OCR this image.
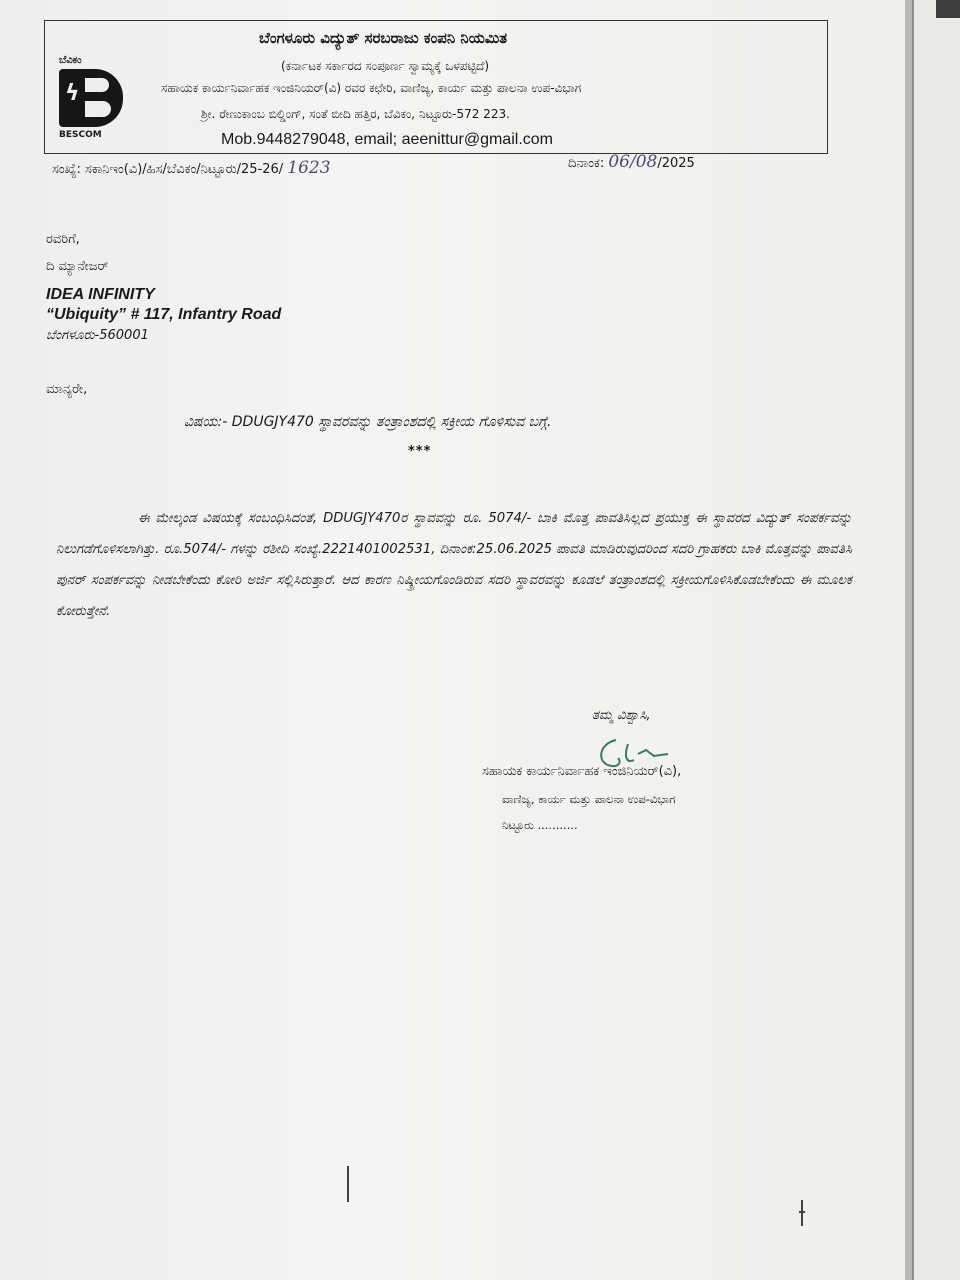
ಬೆವಿಕಂ
ϟ
BESCOM
ಬೆಂಗಳೂರು ವಿದ್ಯುತ್ ಸರಬರಾಜು ಕಂಪನಿ ನಿಯಮಿತ
(ಕರ್ನಾಟಕ ಸರ್ಕಾರದ ಸಂಪೂರ್ಣ ಸ್ವಾಮ್ಯಕ್ಕೆ ಒಳಪಟ್ಟಿದೆ)
ಸಹಾಯಕ ಕಾರ್ಯನಿರ್ವಾಹಕ ಇಂಜಿನಿಯರ್(ವಿ) ರವರ ಕಛೇರಿ, ವಾಣಿಜ್ಯ, ಕಾರ್ಯ ಮತ್ತು ಪಾಲನಾ ಉಪ-ವಿಭಾಗ
ಶ್ರೀ. ರೇಣುಕಾಂಬ ಬಿಲ್ಡಿಂಗ್, ಸಂತೆ ಬೀದಿ ಹತ್ತಿರ, ಬೆವಿಕಂ, ನಿಟ್ಟೂರು-572 223.
Mob.9448279048, email; aeenittur@gmail.com
ಸಂಖ್ಯೆ: ಸಕಾನಿಇಂ(ವಿ)/ಹಿಸ/ಬೆವಿಕಂ/ನಿಟ್ಟೂರು/25-26/ 1623	ದಿನಾಂಕ: 06/08/2025
ರವರಿಗೆ,
ದಿ ಮ್ಯಾನೇಜರ್
IDEA INFINITY
“Ubiquity” # 117, Infantry Road
ಬೆಂಗಳೂರು-560001
ಮಾನ್ಯರೇ,
ವಿಷಯ:- DDUGJY470 ಸ್ಥಾವರವನ್ನು ತಂತ್ರಾಂಶದಲ್ಲಿ ಸಕ್ರೀಯ ಗೊಳಿಸುವ ಬಗ್ಗೆ.
***
ಈ ಮೇಲ್ಕಂಡ ವಿಷಯಕ್ಕೆ ಸಂಬಂಧಿಸಿದಂತೆ, DDUGJY470ರ ಸ್ಥಾವವನ್ನು ರೂ. 5074/- ಬಾಕಿ ಮೊತ್ತ ಪಾವತಿಸಿಲ್ಲದ ಪ್ರಯುಕ್ತ ಈ ಸ್ಥಾವರದ ವಿದ್ಯುತ್ ಸಂಪರ್ಕವನ್ನು ನಿಲುಗಡೆಗೊಳಿಸಲಾಗಿತ್ತು. ರೂ.5074/- ಗಳನ್ನು ರಶೀದಿ ಸಂಖ್ಯೆ.2221401002531, ದಿನಾಂಕ:25.06.2025 ಪಾವತಿ ಮಾಡಿರುವುದರಿಂದ ಸದರಿ ಗ್ರಾಹಕರು ಬಾಕಿ ಮೊತ್ತವನ್ನು ಪಾವತಿಸಿ ಪುನರ್ ಸಂಪರ್ಕವನ್ನು ನೀಡಬೇಕೆಂದು ಕೋರಿ ಅರ್ಜಿ ಸಲ್ಲಿಸಿರುತ್ತಾರೆ. ಆದ ಕಾರಣ ನಿಷ್ಕ್ರೀಯಗೊಂಡಿರುವ ಸದರಿ ಸ್ಥಾವರವನ್ನು ಕೂಡಲೆ ತಂತ್ರಾಂಶದಲ್ಲಿ ಸಕ್ರೀಯಗೊಳಿಸಿಕೊಡಬೇಕೆಂದು ಈ ಮೂಲಕ ಕೋರುತ್ತೇನೆ.
ತಮ್ಮ ವಿಶ್ವಾಸಿ,
ಸಹಾಯಕ ಕಾರ್ಯನಿರ್ವಾಹಕ ಇಂಜಿನಿಯರ್(ವಿ),
ವಾಣಿಜ್ಯ, ಕಾರ್ಯ ಮತ್ತು ಪಾಲನಾ ಉಪ-ವಿಭಾಗ
ನಿಟ್ಟೂರು ...........
